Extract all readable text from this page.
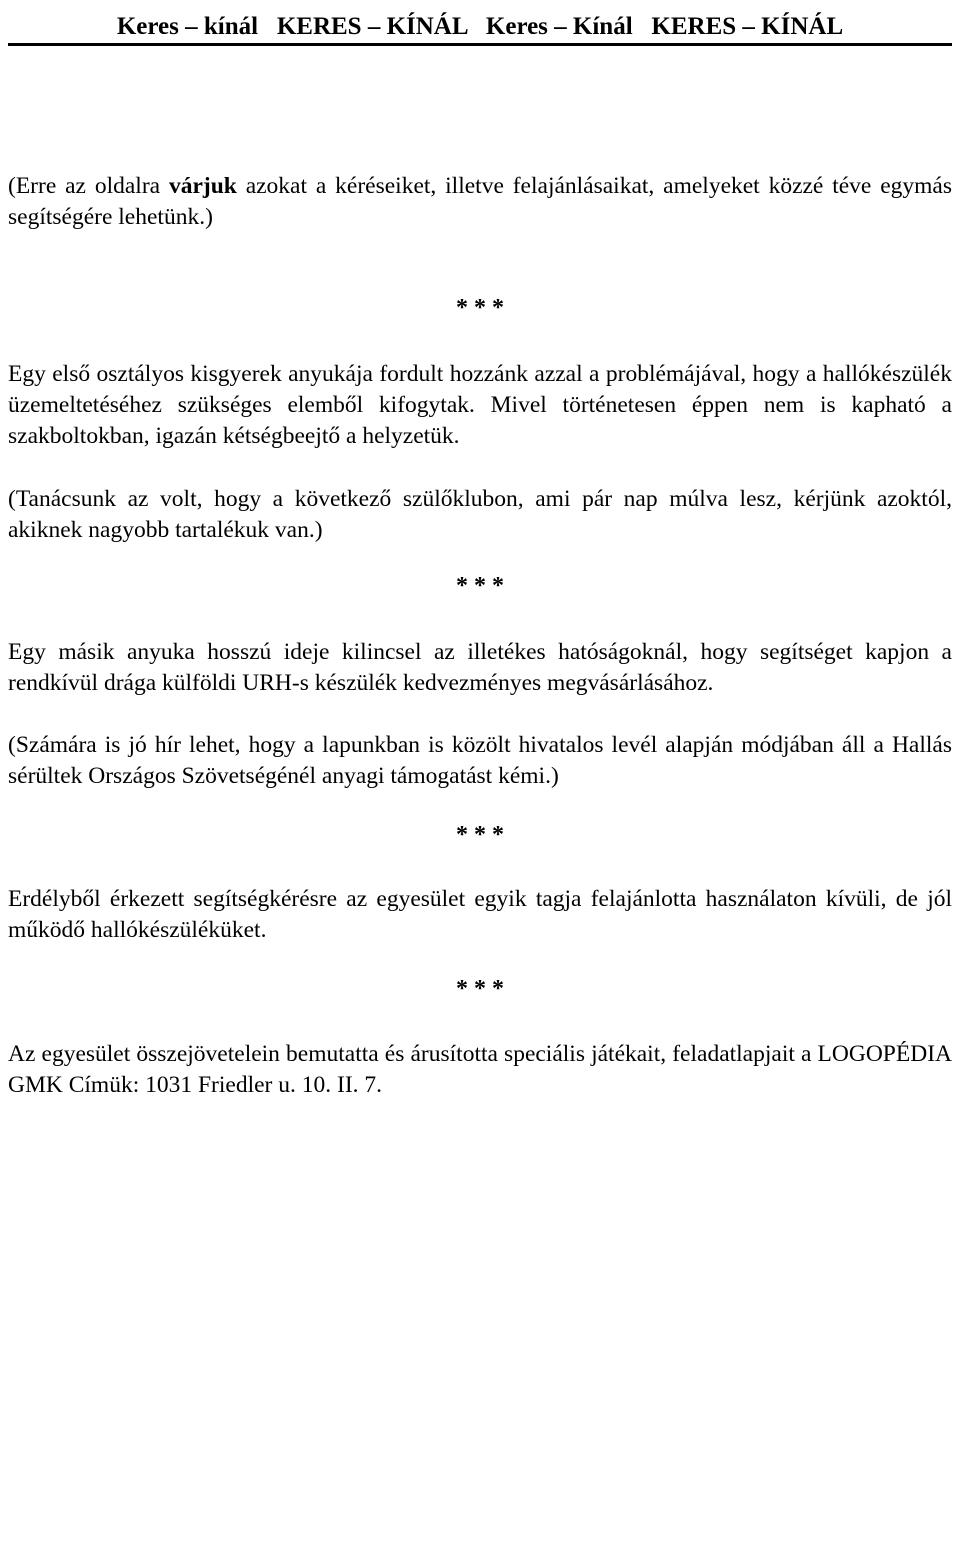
Keres – kínál   KERES – KÍNÁL   Keres – Kínál   KERES – KÍNÁL

(Erre az oldalra várjuk azokat a kéréseiket, illetve felajánlásaikat, amelyeket közzé téve egymás segítségére lehetünk.)

* * *

Egy első osztályos kisgyerek anyukája fordult hozzánk azzal a problémájával, hogy a hallókészülék üzemeltetéséhez szükséges elemből kifogytak. Mivel történetesen éppen nem is kapható a szakboltokban, igazán kétségbeejtő a helyzetük.

(Tanácsunk az volt, hogy a következő szülőklubon, ami pár nap múlva lesz, kérjünk azoktól, akiknek nagyobb tartalékuk van.)

* * *

Egy másik anyuka hosszú ideje kilincsel az illetékes hatóságoknál, hogy segítséget kapjon a rendkívül drága külföldi URH-s készülék kedvezményes megvásárlásához.

(Számára is jó hír lehet, hogy a lapunkban is közölt hivatalos levél alapján módjában áll a Hallás sérültek Országos Szövetségénél anyagi támogatást kémi.)

* * *

Erdélyből érkezett segítségkérésre az egyesület egyik tagja felajánlotta használaton kívüli, de jól működő hallókészüléküket.

* * *

Az egyesület összejövetelein bemutatta és árusította speciális játékait, feladatlapjait a LOGOPÉDIA GMK Címük: 1031 Friedler u. 10. II. 7.
